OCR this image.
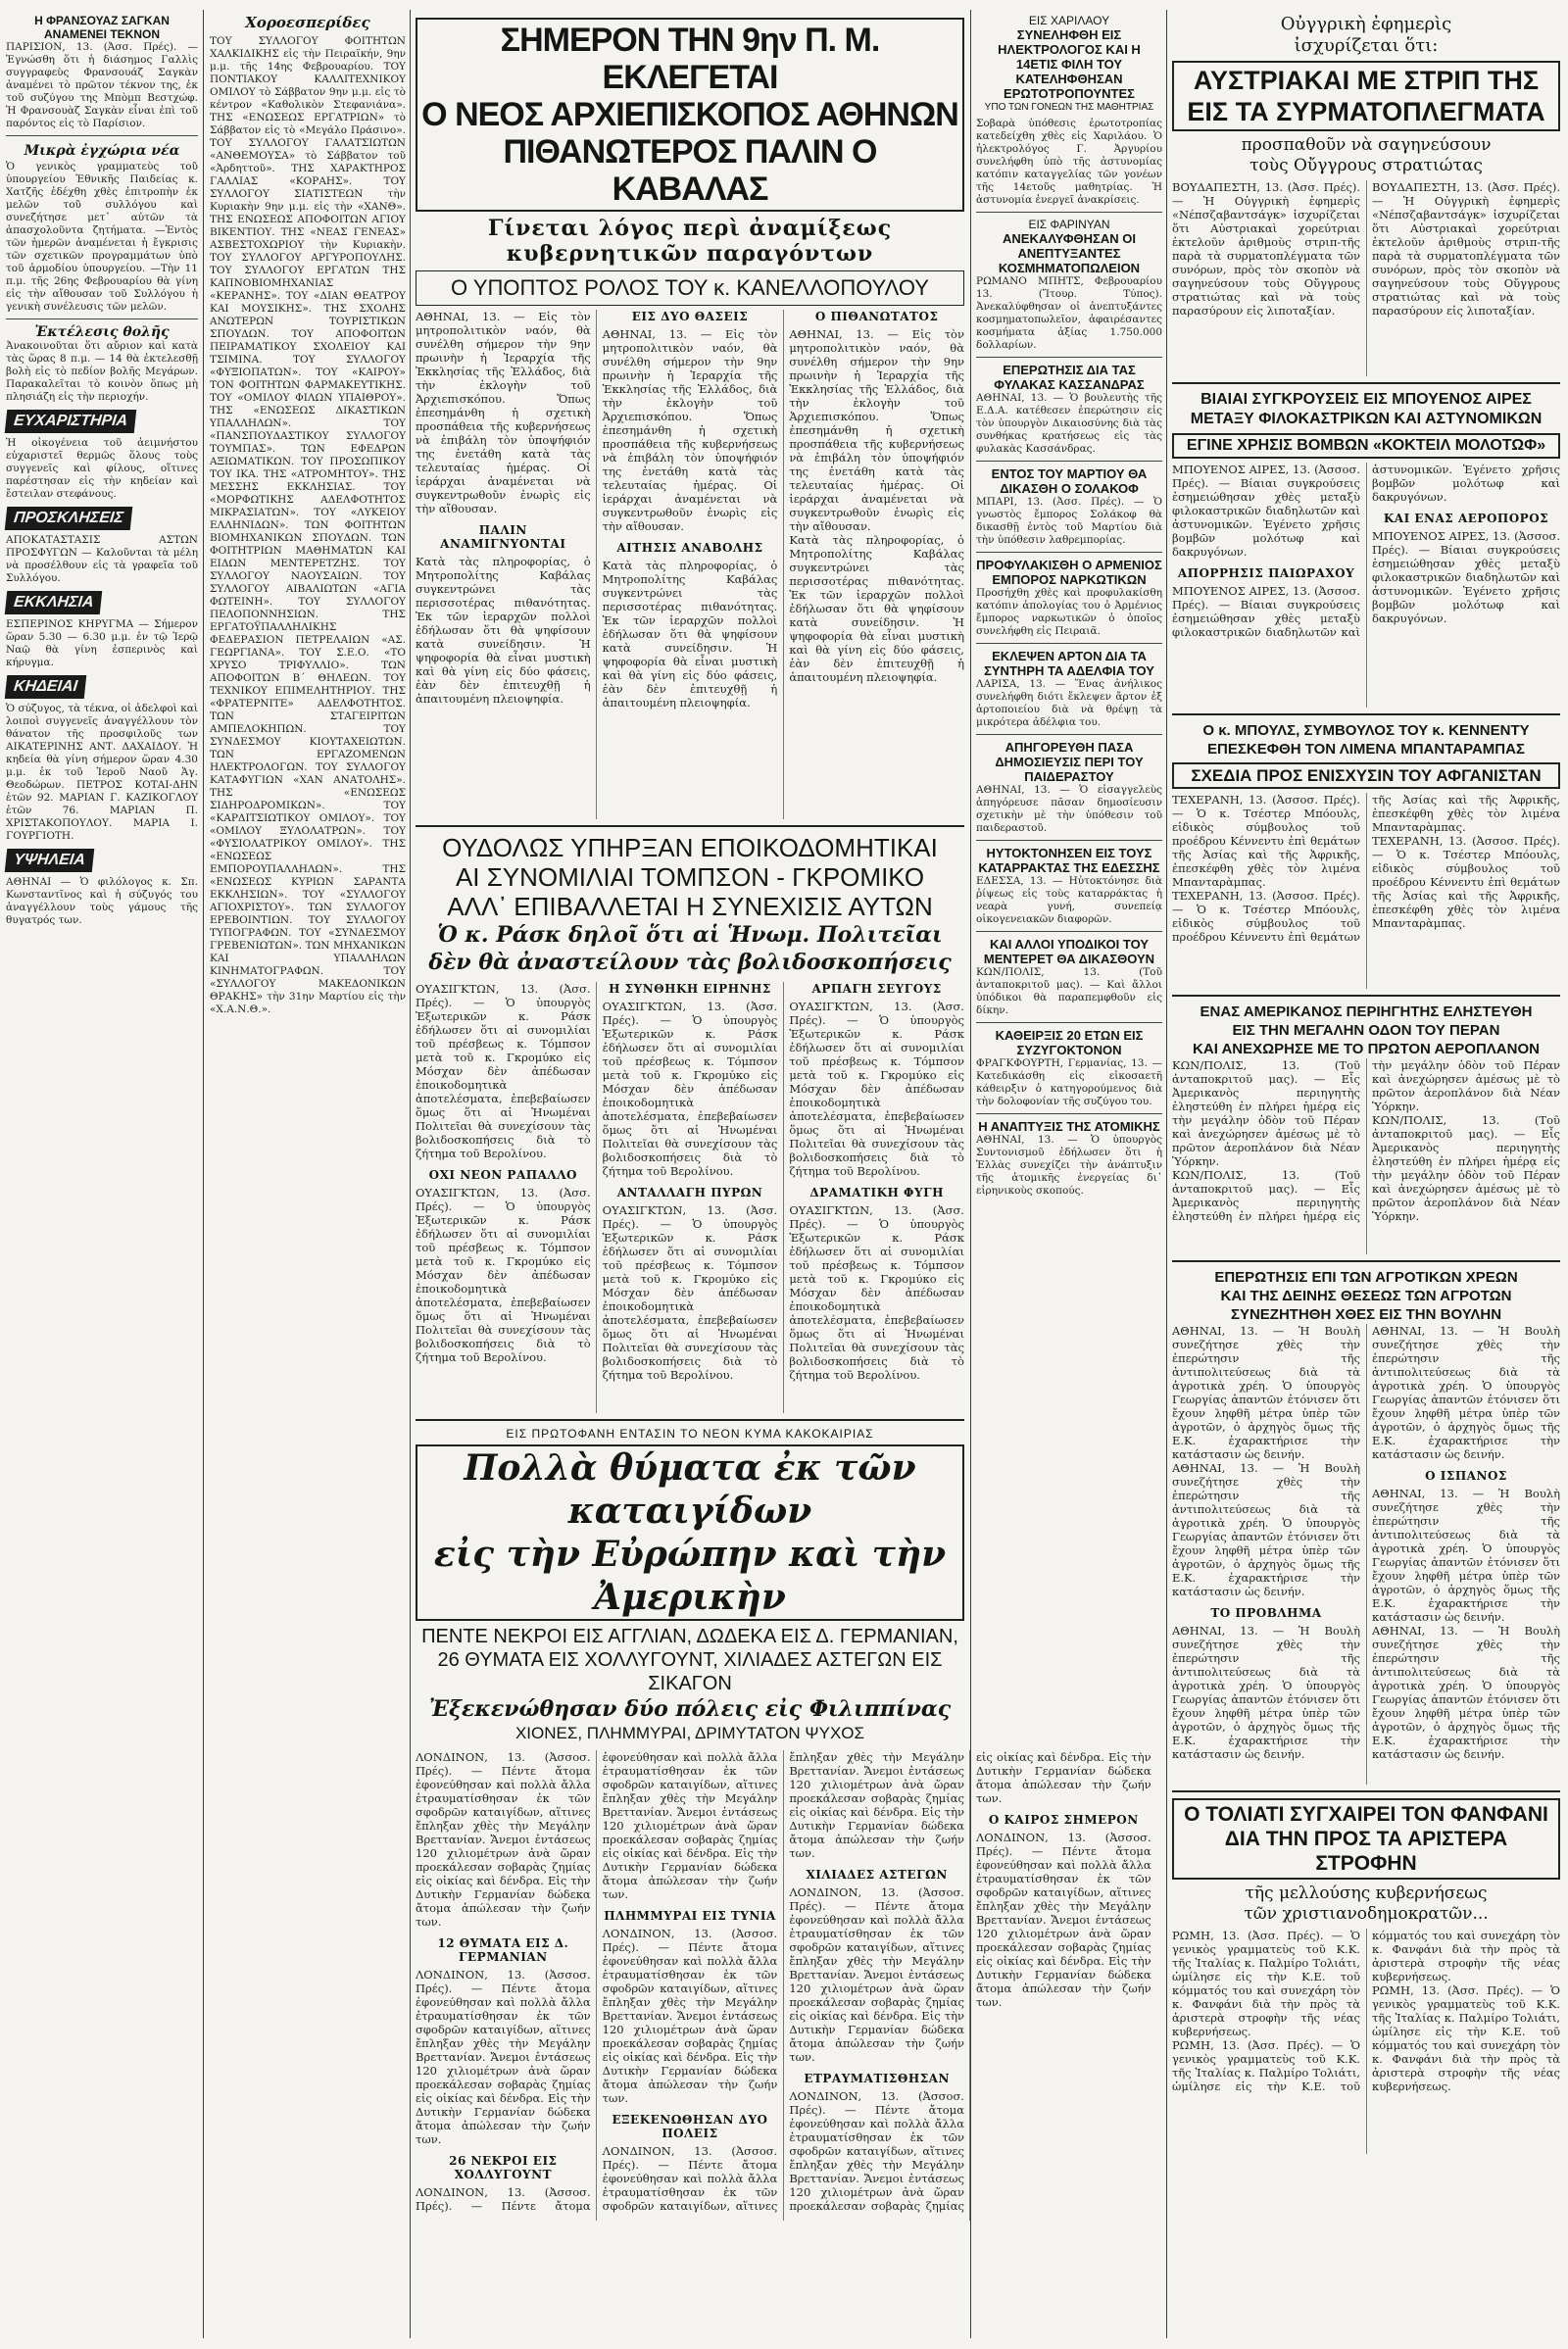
Η ΦΡΑΝΣΟΥΑΖ ΣΑΓΚΑΝ ΑΝΑΜΕΝΕΙ ΤΕΚΝΟΝ

ΠΑΡΙΣΙΟΝ, 13. (Ἀσσ. Πρές). —Ἐγνώσθη ὅτι ἡ διάσημος Γαλλὶς συγγραφεὺς Φρανσουάζ Σαγκὰν ἀναμένει τὸ πρῶτον τέκνον της, ἐκ τοῦ συζύγου της Μπὸμπ Βεστχώφ. Ἡ Φρανσουὰζ Σαγκὰν εἶναι ἐπὶ τοῦ παρόντος εἰς τὸ Παρίσιον.

Μικρὰ ἐγχώρια νέα

Ὁ γενικὸς γραμματεὺς τοῦ ὑπουργείου Ἐθνικῆς Παιδείας κ. Χατζῆς ἐδέχθη χθὲς ἐπιτροπὴν ἐκ μελῶν τοῦ συλλόγου καὶ συνεζήτησε μετ᾽ αὐτῶν τὰ ἀπασχολοῦντα ζητήματα. —Ἐντὸς τῶν ἡμερῶν ἀναμένεται ἡ ἔγκρισις τῶν σχετικῶν προγραμμάτων ὑπὸ τοῦ ἁρμοδίου ὑπουργείου. —Τὴν 11 π.μ. τῆς 26ης Φεβρουαρίου θὰ γίνη εἰς τὴν αἴθουσαν τοῦ Συλλόγου ἡ γενικὴ συνέλευσις τῶν μελῶν.

Ἐκτέλεσις θολῆς

Ἀνακοινοῦται ὅτι αὔριον καὶ κατὰ τὰς ὥρας 8 π.μ. — 14 θὰ ἐκτελεσθῇ βολὴ εἰς τὸ πεδίον βολῆς Μεγάρων. Παρακαλεῖται τὸ κοινὸν ὅπως μὴ πλησιάζη εἰς τὴν περιοχήν.

ΕΥΧΑΡΙΣΤΗΡΙΑ

Ἡ οἰκογένεια τοῦ ἀειμνήστου εὐχαριστεῖ θερμῶς ὅλους τοὺς συγγενεῖς καὶ φίλους, οἵτινες παρέστησαν εἰς τὴν κηδείαν καὶ ἔστειλαν στεφάνους.

ΠΡΟΣΚΛΗΣΕΙΣ

ΑΠΟΚΑΤΑΣΤΑΣΙΣ ΑΣΤΩΝ ΠΡΟΣΦΥΓΩΝ — Καλοῦνται τὰ μέλη νὰ προσέλθουν εἰς τὰ γραφεῖα τοῦ Συλλόγου.

ΕΚΚΛΗΣΙΑ

ΕΣΠΕΡΙΝΟΣ ΚΗΡΥΓΜΑ — Σήμερον ὥραν 5.30 — 6.30 μ.μ. ἐν τῷ Ἱερῷ Ναῷ θὰ γίνη ἐσπερινὸς καὶ κήρυγμα.

ΚΗΔΕΙΑΙ

Ὁ σύζυγος, τὰ τέκνα, οἱ ἀδελφοὶ καὶ λοιποὶ συγγενεῖς ἀναγγέλλουν τὸν θάνατον τῆς προσφιλοῦς των ΑΙΚΑΤΕΡΙΝΗΣ ΑΝΤ. ΔΑΧΑΙΔΟΥ. Ἡ κηδεία θὰ γίνη σήμερον ὥραν 4.30 μ.μ. ἐκ τοῦ Ἱεροῦ Ναοῦ Ἁγ. Θεοδώρων. ΠΕΤΡΟΣ ΚΟΤΑΙ-ΔΗΝ ἐτῶν 92. ΜΑΡΙΑΝ Γ. ΚΑΖΙΚΟΓΛΟΥ ἐτῶν 76. ΜΑΡΙΑΝ Π. ΧΡΙΣΤΑΚΟΠΟΥΛΟΥ. ΜΑΡΙΑ Ι. ΓΟΥΡΓΙΟΤΗ.

ΥΨΗΛΕΙΑ

ΑΘΗΝΑΙ — Ὁ φιλόλογος κ. Σπ. Κωνσταντῖνος καὶ ἡ σύζυγός του ἀναγγέλλουν τοὺς γάμους τῆς θυγατρός των.

Χοροεσπερίδες

ΤΟΥ ΣΥΛΛΟΓΟΥ ΦΟΙΤΗΤΩΝ ΧΑΛΚΙΔΙΚΗΣ εἰς τὴν Πειραϊκήν, 9ην μ.μ. τῆς 14ης Φεβρουαρίου. ΤΟΥ ΠΟΝΤΙΑΚΟΥ ΚΑΛΛΙΤΕΧΝΙΚΟΥ ΟΜΙΛΟΥ τὸ Σάββατον 9ην μ.μ. εἰς τὸ κέντρον «Καθολικὸν Στεφανιάνα». ΤΗΣ «ΕΝΩΣΕΩΣ ΕΡΓΑΤΡΙΩΝ» τὸ Σάββατον εἰς τὸ «Μεγάλο Πράσινο». ΤΟΥ ΣΥΛΛΟΓΟΥ ΓΑΛΑΤΣΙΩΤΩΝ «ΑΝΘΕΜΟΥΣΑ» τὸ Σάββατον τοῦ «Ἀρδηττοῦ». ΤΗΣ ΧΑΡΑΚΤΗΡΟΣ ΓΑΛΛΙΑΣ «ΚΟΡΑΗΣ». ΤΟΥ ΣΥΛΛΟΓΟΥ ΣΙΑΤΙΣΤΕΩΝ τὴν Κυριακὴν 9ην μ.μ. εἰς τὴν «ΧΑΝΘ». ΤΗΣ ΕΝΩΣΕΩΣ ΑΠΟΦΟΙΤΩΝ ΑΓΙΟΥ ΒΙΚΕΝΤΙΟΥ. ΤΗΣ «ΝΕΑΣ ΓΕΝΕΑΣ» ΑΣΒΕΣΤΟΧΩΡΙΟΥ τὴν Κυριακὴν. ΤΟΥ ΣΥΛΛΟΓΟΥ ΑΡΓΥΡΟΠΟΥΛΗΣ. ΤΟΥ ΣΥΛΛΟΓΟΥ ΕΡΓΑΤΩΝ ΤΗΣ ΚΑΠΝΟΒΙΟΜΗΧΑΝΙΑΣ «ΚΕΡΑΝΗΣ». ΤΟΥ «ΔΙΑΝ ΘΕΑΤΡΟΥ ΚΑΙ ΜΟΥΣΙΚΗΣ». ΤΗΣ ΣΧΟΛΗΣ ΑΝΩΤΕΡΩΝ ΤΟΥΡΙΣΤΙΚΩΝ ΣΠΟΥΔΩΝ. ΤΟΥ ΑΠΟΦΟΙΤΩΝ ΠΕΙΡΑΜΑΤΙΚΟΥ ΣΧΟΛΕΙΟΥ ΚΑΙ ΤΣΙΜΙΝΑ. ΤΟΥ ΣΥΛΛΟΓΟΥ «ΦΥΞΙΟΠΑΤΩΝ». ΤΟΥ «ΚΑΙΡΟΥ» ΤΟΝ ΦΟΙΤΗΤΩΝ ΦΑΡΜΑΚΕΥΤΙΚΗΣ. ΤΟΥ «ΟΜΙΛΟΥ ΦΙΛΩΝ ΥΠΑΙΘΡΟΥ». ΤΗΣ «ΕΝΩΣΕΩΣ ΔΙΚΑΣΤΙΚΩΝ ΥΠΑΛΛΗΛΩΝ». ΤΟΥ «ΠΑΝΣΠΟΥΔΑΣΤΙΚΟΥ ΣΥΛΛΟΓΟΥ ΤΟΥΜΠΑΣ». ΤΩΝ ΕΦΕΔΡΩΝ ΑΞΙΩΜΑΤΙΚΩΝ. ΤΟΥ ΠΡΟΣΩΠΙΚΟΥ ΤΟΥ ΙΚΑ. ΤΗΣ «ΑΤΡΟΜΗΤΟΥ». ΤΗΣ ΜΕΣΣΗΣ ΕΚΚΛΗΣΙΑΣ. ΤΟΥ «ΜΟΡΦΩΤΙΚΗΣ ΑΔΕΛΦΟΤΗΤΟΣ ΜΙΚΡΑΣΙΑΤΩΝ». ΤΟΥ «ΛΥΚΕΙΟΥ ΕΛΛΗΝΙΔΩΝ». ΤΩΝ ΦΟΙΤΗΤΩΝ ΒΙΟΜΗΧΑΝΙΚΩΝ ΣΠΟΥΔΩΝ. ΤΩΝ ΦΟΙΤΗΤΡΙΩΝ ΜΑΘΗΜΑΤΩΝ ΚΑΙ ΕΙΔΩΝ ΜΕΝΤΕΡΕΤΖΗΣ. ΤΟΥ ΣΥΛΛΟΓΟΥ ΝΑΟΥΣΑΙΩΝ. ΤΟΥ ΣΥΛΛΟΓΟΥ ΑΙΒΑΛΙΩΤΩΝ «ΑΓΙΑ ΦΩΤΕΙΝΗ». ΤΟΥ ΣΥΛΛΟΓΟΥ ΠΕΛΟΠΟΝΝΗΣΙΩΝ. ΤΗΣ ΕΡΓΑΤΟΫΠΑΛΛΗΛΙΚΗΣ ΦΕΔΕΡΑΣΙΟΝ ΠΕΤΡΕΛΑΙΩΝ «ΑΣ. ΓΕΩΡΓΙΑΝΑ». ΤΟΥ Σ.Ε.Ο. «ΤΟ ΧΡΥΣΟ ΤΡΙΦΥΛΛΙΟ». ΤΩΝ ΑΠΟΦΟΙΤΩΝ Β΄ ΘΗΛΕΩΝ. ΤΟΥ ΤΕΧΝΙΚΟΥ ΕΠΙΜΕΛΗΤΗΡΙΟΥ. ΤΗΣ «ΦΡΑΤΕΡΝΙΤΕ» ΑΔΕΛΦΟΤΗΤΟΣ. ΤΩΝ ΣΤΑΓΕΙΡΙΤΩΝ ΑΜΠΕΛΟΚΗΠΩΝ. ΤΟΥ ΣΥΝΔΕΣΜΟΥ ΚΙΟΥΤΑΧΕΙΩΤΩΝ. ΤΩΝ ΕΡΓΑΖΟΜΕΝΩΝ ΗΛΕΚΤΡΟΛΟΓΩΝ. ΤΟΥ ΣΥΛΛΟΓΟΥ ΚΑΤΑΦΥΓΙΩΝ «ΧΑΝ ΑΝΑΤΟΛΗΣ». ΤΗΣ «ΕΝΩΣΕΩΣ ΣΙΔΗΡΟΔΡΟΜΙΚΩΝ». ΤΟΥ «ΚΑΡΔΙΤΣΙΩΤΙΚΟΥ ΟΜΙΛΟΥ». ΤΟΥ «ΟΜΙΛΟΥ ΞΥΛΟΛΑΤΡΩΝ». ΤΟΥ «ΦΥΣΙΟΛΑΤΡΙΚΟΥ ΟΜΙΛΟΥ». ΤΗΣ «ΕΝΩΣΕΩΣ ΕΜΠΟΡΟΥΠΑΛΛΗΛΩΝ». ΤΗΣ «ΕΝΩΣΕΩΣ ΚΥΡΙΩΝ ΣΑΡΑΝΤΑ ΕΚΚΛΗΣΙΩΝ». ΤΟΥ «ΣΥΛΛΟΓΟΥ ΑΓΙΟΧΡΙΣΤΟΥ». ΤΩΝ ΣΥΛΛΟΓΟΥ ΕΡΕΒΟΙΝΤΙΩΝ. ΤΟΥ ΣΥΛΛΟΓΟΥ ΤΥΠΟΓΡΑΦΩΝ. ΤΟΥ «ΣΥΝΔΕΣΜΟΥ ΓΡΕΒΕΝΙΩΤΩΝ». ΤΩΝ ΜΗΧΑΝΙΚΩΝ ΚΑΙ ΥΠΑΛΛΗΛΩΝ ΚΙΝΗΜΑΤΟΓΡΑΦΩΝ. ΤΟΥ «ΣΥΛΛΟΓΟΥ ΜΑΚΕΔΟΝΙΚΩΝ ΘΡΑΚΗΣ» τὴν 31ην Μαρτίου εἰς τὴν «Χ.Α.Ν.Θ.».

ΣΗΜΕΡΟΝ ΤΗΝ 9ην Π. Μ. ΕΚΛΕΓΕΤΑΙ
Ο ΝΕΟΣ ΑΡΧΙΕΠΙΣΚΟΠΟΣ ΑΘΗΝΩΝ
ΠΙΘΑΝΩΤΕΡΟΣ ΠΑΛΙΝ Ο ΚΑΒΑΛΑΣ
Γίνεται λόγος περὶ ἀναμίξεως κυβερνητικῶν παραγόντων
Ο ΥΠΟΠΤΟΣ ΡΟΛΟΣ ΤΟΥ κ. ΚΑΝΕΛΛΟΠΟΥΛΟΥ

ΑΘΗΝΑΙ, 13. — Εἰς τὸν μητροπολιτικὸν ναόν, θὰ συνέλθη σήμερον τὴν 9ην πρωινὴν ἡ Ἱεραρχία τῆς Ἐκκλησίας τῆς Ἑλλάδος, διὰ τὴν ἐκλογὴν τοῦ Ἀρχιεπισκόπου. Ὅπως ἐπεσημάνθη ἡ σχετικὴ προσπάθεια τῆς κυβερνήσεως νὰ ἐπιβάλη τὸν ὑποψήφιόν της ἐνετάθη κατὰ τὰς τελευταίας ἡμέρας. Οἱ ἱεράρχαι ἀναμένεται νὰ συγκεντρωθοῦν ἐνωρὶς εἰς τὴν αἴθουσαν.

ΠΑΛΙΝ ΑΝΑΜΙΓΝΥΟΝΤΑΙ

Κατὰ τὰς πληροφορίας, ὁ Μητροπολίτης Καβάλας συγκεντρώνει τὰς περισσοτέρας πιθανότητας. Ἐκ τῶν ἱεραρχῶν πολλοὶ ἐδήλωσαν ὅτι θὰ ψηφίσουν κατὰ συνείδησιν. Ἡ ψηφοφορία θὰ εἶναι μυστικὴ καὶ θὰ γίνη εἰς δύο φάσεις, ἐὰν δὲν ἐπιτευχθῇ ἡ ἀπαιτουμένη πλειοψηφία.

ΕΙΣ ΔΥΟ ΘΑΣΕΙΣ

ΑΘΗΝΑΙ, 13. — Εἰς τὸν μητροπολιτικὸν ναόν, θὰ συνέλθη σήμερον τὴν 9ην πρωινὴν ἡ Ἱεραρχία τῆς Ἐκκλησίας τῆς Ἑλλάδος, διὰ τὴν ἐκλογὴν τοῦ Ἀρχιεπισκόπου. Ὅπως ἐπεσημάνθη ἡ σχετικὴ προσπάθεια τῆς κυβερνήσεως νὰ ἐπιβάλη τὸν ὑποψήφιόν της ἐνετάθη κατὰ τὰς τελευταίας ἡμέρας. Οἱ ἱεράρχαι ἀναμένεται νὰ συγκεντρωθοῦν ἐνωρὶς εἰς τὴν αἴθουσαν.

ΑΙΤΗΣΙΣ ΑΝΑΒΟΛΗΣ

Κατὰ τὰς πληροφορίας, ὁ Μητροπολίτης Καβάλας συγκεντρώνει τὰς περισσοτέρας πιθανότητας. Ἐκ τῶν ἱεραρχῶν πολλοὶ ἐδήλωσαν ὅτι θὰ ψηφίσουν κατὰ συνείδησιν. Ἡ ψηφοφορία θὰ εἶναι μυστικὴ καὶ θὰ γίνη εἰς δύο φάσεις, ἐὰν δὲν ἐπιτευχθῇ ἡ ἀπαιτουμένη πλειοψηφία.

Ο ΠΙΘΑΝΩΤΑΤΟΣ

ΑΘΗΝΑΙ, 13. — Εἰς τὸν μητροπολιτικὸν ναόν, θὰ συνέλθη σήμερον τὴν 9ην πρωινὴν ἡ Ἱεραρχία τῆς Ἐκκλησίας τῆς Ἑλλάδος, διὰ τὴν ἐκλογὴν τοῦ Ἀρχιεπισκόπου. Ὅπως ἐπεσημάνθη ἡ σχετικὴ προσπάθεια τῆς κυβερνήσεως νὰ ἐπιβάλη τὸν ὑποψήφιόν της ἐνετάθη κατὰ τὰς τελευταίας ἡμέρας. Οἱ ἱεράρχαι ἀναμένεται νὰ συγκεντρωθοῦν ἐνωρὶς εἰς τὴν αἴθουσαν.

Κατὰ τὰς πληροφορίας, ὁ Μητροπολίτης Καβάλας συγκεντρώνει τὰς περισσοτέρας πιθανότητας. Ἐκ τῶν ἱεραρχῶν πολλοὶ ἐδήλωσαν ὅτι θὰ ψηφίσουν κατὰ συνείδησιν. Ἡ ψηφοφορία θὰ εἶναι μυστικὴ καὶ θὰ γίνη εἰς δύο φάσεις, ἐὰν δὲν ἐπιτευχθῇ ἡ ἀπαιτουμένη πλειοψηφία.

ΟΥΔΟΛΩΣ ΥΠΗΡΞΑΝ ΕΠΟΙΚΟΔΟΜΗΤΙΚΑΙ
ΑΙ ΣΥΝΟΜΙΛΙΑΙ ΤΟΜΠΣΟΝ - ΓΚΡΟΜΙΚΟ
ΑΛΛ᾽ ΕΠΙΒΑΛΛΕΤΑΙ Η ΣΥΝΕΧΙΣΙΣ ΑΥΤΩΝ
Ὁ κ. Ράσκ δηλοῖ ὅτι αἱ Ἡνωμ. Πολιτεῖαι
δὲν θὰ ἀναστείλουν τὰς βολιδοσκοπήσεις

ΟΥΑΣΙΓΚΤΩΝ, 13. (Ἀσσ. Πρές). — Ὁ ὑπουργὸς Ἐξωτερικῶν κ. Ράσκ ἐδήλωσεν ὅτι αἱ συνομιλίαι τοῦ πρέσβεως κ. Τόμπσον μετὰ τοῦ κ. Γκρομύκο εἰς Μόσχαν δὲν ἀπέδωσαν ἐποικοδομητικὰ ἀποτελέσματα, ἐπεβεβαίωσεν ὅμως ὅτι αἱ Ἡνωμέναι Πολιτεῖαι θὰ συνεχίσουν τὰς βολιδοσκοπήσεις διὰ τὸ ζήτημα τοῦ Βερολίνου.

ΟΧΙ ΝΕΟΝ ΡΑΠΑΛΛΟ

ΟΥΑΣΙΓΚΤΩΝ, 13. (Ἀσσ. Πρές). — Ὁ ὑπουργὸς Ἐξωτερικῶν κ. Ράσκ ἐδήλωσεν ὅτι αἱ συνομιλίαι τοῦ πρέσβεως κ. Τόμπσον μετὰ τοῦ κ. Γκρομύκο εἰς Μόσχαν δὲν ἀπέδωσαν ἐποικοδομητικὰ ἀποτελέσματα, ἐπεβεβαίωσεν ὅμως ὅτι αἱ Ἡνωμέναι Πολιτεῖαι θὰ συνεχίσουν τὰς βολιδοσκοπήσεις διὰ τὸ ζήτημα τοῦ Βερολίνου.

Η ΣΥΝΘΗΚΗ ΕΙΡΗΝΗΣ

ΟΥΑΣΙΓΚΤΩΝ, 13. (Ἀσσ. Πρές). — Ὁ ὑπουργὸς Ἐξωτερικῶν κ. Ράσκ ἐδήλωσεν ὅτι αἱ συνομιλίαι τοῦ πρέσβεως κ. Τόμπσον μετὰ τοῦ κ. Γκρομύκο εἰς Μόσχαν δὲν ἀπέδωσαν ἐποικοδομητικὰ ἀποτελέσματα, ἐπεβεβαίωσεν ὅμως ὅτι αἱ Ἡνωμέναι Πολιτεῖαι θὰ συνεχίσουν τὰς βολιδοσκοπήσεις διὰ τὸ ζήτημα τοῦ Βερολίνου.

ΑΝΤΑΛΛΑΓΗ ΠΥΡΩΝ

ΟΥΑΣΙΓΚΤΩΝ, 13. (Ἀσσ. Πρές). — Ὁ ὑπουργὸς Ἐξωτερικῶν κ. Ράσκ ἐδήλωσεν ὅτι αἱ συνομιλίαι τοῦ πρέσβεως κ. Τόμπσον μετὰ τοῦ κ. Γκρομύκο εἰς Μόσχαν δὲν ἀπέδωσαν ἐποικοδομητικὰ ἀποτελέσματα, ἐπεβεβαίωσεν ὅμως ὅτι αἱ Ἡνωμέναι Πολιτεῖαι θὰ συνεχίσουν τὰς βολιδοσκοπήσεις διὰ τὸ ζήτημα τοῦ Βερολίνου.

ΑΡΠΑΓΗ ΣΕΥΓΟΥΣ

ΟΥΑΣΙΓΚΤΩΝ, 13. (Ἀσσ. Πρές). — Ὁ ὑπουργὸς Ἐξωτερικῶν κ. Ράσκ ἐδήλωσεν ὅτι αἱ συνομιλίαι τοῦ πρέσβεως κ. Τόμπσον μετὰ τοῦ κ. Γκρομύκο εἰς Μόσχαν δὲν ἀπέδωσαν ἐποικοδομητικὰ ἀποτελέσματα, ἐπεβεβαίωσεν ὅμως ὅτι αἱ Ἡνωμέναι Πολιτεῖαι θὰ συνεχίσουν τὰς βολιδοσκοπήσεις διὰ τὸ ζήτημα τοῦ Βερολίνου.

ΔΡΑΜΑΤΙΚΗ ΦΥΓΗ

ΟΥΑΣΙΓΚΤΩΝ, 13. (Ἀσσ. Πρές). — Ὁ ὑπουργὸς Ἐξωτερικῶν κ. Ράσκ ἐδήλωσεν ὅτι αἱ συνομιλίαι τοῦ πρέσβεως κ. Τόμπσον μετὰ τοῦ κ. Γκρομύκο εἰς Μόσχαν δὲν ἀπέδωσαν ἐποικοδομητικὰ ἀποτελέσματα, ἐπεβεβαίωσεν ὅμως ὅτι αἱ Ἡνωμέναι Πολιτεῖαι θὰ συνεχίσουν τὰς βολιδοσκοπήσεις διὰ τὸ ζήτημα τοῦ Βερολίνου.

ΕΙΣ ΠΡΩΤΟΦΑΝΗ ΕΝΤΑΣΙΝ ΤΟ ΝΕΟΝ ΚΥΜΑ ΚΑΚΟΚΑΙΡΙΑΣ

Πολλὰ θύματα ἐκ τῶν καταιγίδων
εἰς τὴν Εὐρώπην καὶ τὴν Ἀμερικὴν
ΠΕΝΤΕ ΝΕΚΡΟΙ ΕΙΣ ΑΓΓΛΙΑΝ, ΔΩΔΕΚΑ ΕΙΣ Δ. ΓΕΡΜΑΝΙΑΝ, 26 ΘΥΜΑΤΑ ΕΙΣ ΧΟΛΛΥΓΟΥΝΤ, ΧΙΛΙΑΔΕΣ ΑΣΤΕΓΩΝ ΕΙΣ ΣΙΚΑΓΟΝ
Ἐξεκενώθησαν δύο πόλεις εἰς Φιλιππίνας
ΧΙΟΝΕΣ, ΠΛΗΜΜΥΡΑΙ, ΔΡΙΜΥΤΑΤΟΝ ΨΥΧΟΣ

ΛΟΝΔΙΝΟΝ, 13. (Ἀσσοσ. Πρές). — Πέντε ἄτομα ἐφονεύθησαν καὶ πολλὰ ἄλλα ἐτραυματίσθησαν ἐκ τῶν σφοδρῶν καταιγίδων, αἵτινες ἔπληξαν χθὲς τὴν Μεγάλην Βρεττανίαν. Ἄνεμοι ἐντάσεως 120 χιλιομέτρων ἀνὰ ὥραν προεκάλεσαν σοβαρὰς ζημίας εἰς οἰκίας καὶ δένδρα. Εἰς τὴν Δυτικὴν Γερμανίαν δώδεκα ἄτομα ἀπώλεσαν τὴν ζωήν των.

12 ΘΥΜΑΤΑ ΕΙΣ Δ. ΓΕΡΜΑΝΙΑΝ

ΛΟΝΔΙΝΟΝ, 13. (Ἀσσοσ. Πρές). — Πέντε ἄτομα ἐφονεύθησαν καὶ πολλὰ ἄλλα ἐτραυματίσθησαν ἐκ τῶν σφοδρῶν καταιγίδων, αἵτινες ἔπληξαν χθὲς τὴν Μεγάλην Βρεττανίαν. Ἄνεμοι ἐντάσεως 120 χιλιομέτρων ἀνὰ ὥραν προεκάλεσαν σοβαρὰς ζημίας εἰς οἰκίας καὶ δένδρα. Εἰς τὴν Δυτικὴν Γερμανίαν δώδεκα ἄτομα ἀπώλεσαν τὴν ζωήν των.

26 ΝΕΚΡΟΙ ΕΙΣ ΧΟΛΛΥΓΟΥΝΤ

ΛΟΝΔΙΝΟΝ, 13. (Ἀσσοσ. Πρές). — Πέντε ἄτομα ἐφονεύθησαν καὶ πολλὰ ἄλλα ἐτραυματίσθησαν ἐκ τῶν σφοδρῶν καταιγίδων, αἵτινες ἔπληξαν χθὲς τὴν Μεγάλην Βρεττανίαν. Ἄνεμοι ἐντάσεως 120 χιλιομέτρων ἀνὰ ὥραν προεκάλεσαν σοβαρὰς ζημίας εἰς οἰκίας καὶ δένδρα. Εἰς τὴν Δυτικὴν Γερμανίαν δώδεκα ἄτομα ἀπώλεσαν τὴν ζωήν των.

ΠΛΗΜΜΥΡΑΙ ΕΙΣ ΤΥΝΙΑ

ΛΟΝΔΙΝΟΝ, 13. (Ἀσσοσ. Πρές). — Πέντε ἄτομα ἐφονεύθησαν καὶ πολλὰ ἄλλα ἐτραυματίσθησαν ἐκ τῶν σφοδρῶν καταιγίδων, αἵτινες ἔπληξαν χθὲς τὴν Μεγάλην Βρεττανίαν. Ἄνεμοι ἐντάσεως 120 χιλιομέτρων ἀνὰ ὥραν προεκάλεσαν σοβαρὰς ζημίας εἰς οἰκίας καὶ δένδρα. Εἰς τὴν Δυτικὴν Γερμανίαν δώδεκα ἄτομα ἀπώλεσαν τὴν ζωήν των.

ΕΞΕΚΕΝΩΘΗΣΑΝ ΔΥΟ ΠΟΛΕΙΣ

ΛΟΝΔΙΝΟΝ, 13. (Ἀσσοσ. Πρές). — Πέντε ἄτομα ἐφονεύθησαν καὶ πολλὰ ἄλλα ἐτραυματίσθησαν ἐκ τῶν σφοδρῶν καταιγίδων, αἵτινες ἔπληξαν χθὲς τὴν Μεγάλην Βρεττανίαν. Ἄνεμοι ἐντάσεως 120 χιλιομέτρων ἀνὰ ὥραν προεκάλεσαν σοβαρὰς ζημίας εἰς οἰκίας καὶ δένδρα. Εἰς τὴν Δυτικὴν Γερμανίαν δώδεκα ἄτομα ἀπώλεσαν τὴν ζωήν των.

ΧΙΛΙΑΔΕΣ ΑΣΤΕΓΩΝ

ΛΟΝΔΙΝΟΝ, 13. (Ἀσσοσ. Πρές). — Πέντε ἄτομα ἐφονεύθησαν καὶ πολλὰ ἄλλα ἐτραυματίσθησαν ἐκ τῶν σφοδρῶν καταιγίδων, αἵτινες ἔπληξαν χθὲς τὴν Μεγάλην Βρεττανίαν. Ἄνεμοι ἐντάσεως 120 χιλιομέτρων ἀνὰ ὥραν προεκάλεσαν σοβαρὰς ζημίας εἰς οἰκίας καὶ δένδρα. Εἰς τὴν Δυτικὴν Γερμανίαν δώδεκα ἄτομα ἀπώλεσαν τὴν ζωήν των.

ΕΤΡΑΥΜΑΤΙΣΘΗΣΑΝ

ΛΟΝΔΙΝΟΝ, 13. (Ἀσσοσ. Πρές). — Πέντε ἄτομα ἐφονεύθησαν καὶ πολλὰ ἄλλα ἐτραυματίσθησαν ἐκ τῶν σφοδρῶν καταιγίδων, αἵτινες ἔπληξαν χθὲς τὴν Μεγάλην Βρεττανίαν. Ἄνεμοι ἐντάσεως 120 χιλιομέτρων ἀνὰ ὥραν προεκάλεσαν σοβαρὰς ζημίας εἰς οἰκίας καὶ δένδρα. Εἰς τὴν Δυτικὴν Γερμανίαν δώδεκα ἄτομα ἀπώλεσαν τὴν ζωήν των.

Ο ΚΑΙΡΟΣ ΣΗΜΕΡΟΝ

ΛΟΝΔΙΝΟΝ, 13. (Ἀσσοσ. Πρές). — Πέντε ἄτομα ἐφονεύθησαν καὶ πολλὰ ἄλλα ἐτραυματίσθησαν ἐκ τῶν σφοδρῶν καταιγίδων, αἵτινες ἔπληξαν χθὲς τὴν Μεγάλην Βρεττανίαν. Ἄνεμοι ἐντάσεως 120 χιλιομέτρων ἀνὰ ὥραν προεκάλεσαν σοβαρὰς ζημίας εἰς οἰκίας καὶ δένδρα. Εἰς τὴν Δυτικὴν Γερμανίαν δώδεκα ἄτομα ἀπώλεσαν τὴν ζωήν των.

ΕΙΣ ΧΑΡΙΛΑΟΥ

ΣΥΝΕΛΗΦΘΗ ΕΙΣ ΗΛΕΚΤΡΟΛΟΓΟΣ ΚΑΙ Η 14ΕΤΙΣ ΦΙΛΗ ΤΟΥ ΚΑΤΕΛΗΦΘΗΣΑΝ ΕΡΩΤΟΤΡΟΠΟΥΝΤΕΣ

ΥΠΟ ΤΩΝ ΓΟΝΕΩΝ ΤΗΣ ΜΑΘΗΤΡΙΑΣ

Σοβαρὰ ὑπόθεσις ἐρωτοτροπίας κατεδείχθη χθὲς εἰς Χαριλάου. Ὁ ἠλεκτρολόγος Γ. Ἀργυρίου συνελήφθη ὑπὸ τῆς ἀστυνομίας κατόπιν καταγγελίας τῶν γονέων τῆς 14ετοῦς μαθητρίας. Ἡ ἀστυνομία ἐνεργεῖ ἀνακρίσεις.

ΕΙΣ ΦΑΡΙΝΥΑΝ

ΑΝΕΚΑΛΥΦΘΗΣΑΝ ΟΙ ΑΝΕΠΤΥΞΑΝΤΕΣ ΚΟΣΜΗΜΑΤΟΠΩΛΕΙΟΝ

ΡΩΜΑΝΟ ΜΠΗΤΣ, Φεβρουαρίου 13. (Ἴτουρ. Τύπος). Ἀνεκαλύφθησαν οἱ ἀνεπτυξάντες κοσμηματοπωλεῖον, ἀφαιρέσαντες κοσμήματα ἀξίας 1.750.000 δολλαρίων.

ΕΠΕΡΩΤΗΣΙΣ ΔΙΑ ΤΑΣ ΦΥΛΑΚΑΣ ΚΑΣΣΑΝΔΡΑΣ

ΑΘΗΝΑΙ, 13. — Ὁ βουλευτὴς τῆς Ε.Δ.Α. κατέθεσεν ἐπερώτησιν εἰς τὸν ὑπουργὸν Δικαιοσύνης διὰ τὰς συνθήκας κρατήσεως εἰς τὰς φυλακὰς Κασσάνδρας.

ΕΝΤΟΣ ΤΟΥ ΜΑΡΤΙΟΥ ΘΑ ΔΙΚΑΣΘΗ Ο ΣΟΛΑΚΟΦ

ΜΠΑΡΙ, 13. (Ἀσσ. Πρές). — Ὁ γνωστὸς ἔμπορος Σολάκοφ θὰ δικασθῇ ἐντὸς τοῦ Μαρτίου διὰ τὴν ὑπόθεσιν λαθρεμπορίας.

ΠΡΟΦΥΛΑΚΙΣΘΗ Ο ΑΡΜΕΝΙΟΣ ΕΜΠΟΡΟΣ ΝΑΡΚΩΤΙΚΩΝ

Προσήχθη χθὲς καὶ προφυλακίσθη κατόπιν ἀπολογίας του ὁ Ἀρμένιος ἔμπορος ναρκωτικῶν ὁ ὁποῖος συνελήφθη εἰς Πειραιᾶ.

ΕΚΛΕΨΕΝ ΑΡΤΟΝ ΔΙΑ ΤΑ ΣΥΝΤΗΡΗ ΤΑ ΑΔΕΛΦΙΑ ΤΟΥ

ΛΑΡΙΣΑ, 13. — Ἕνας ἀνήλικος συνελήφθη διότι ἔκλεψεν ἄρτον ἐξ ἀρτοποιείου διὰ νὰ θρέψῃ τὰ μικρότερα ἀδέλφια του.

ΑΠΗΓΟΡΕΥΘΗ ΠΑΣΑ ΔΗΜΟΣΙΕΥΣΙΣ ΠΕΡΙ ΤΟΥ ΠΑΙΔΕΡΑΣΤΟΥ

ΑΘΗΝΑΙ, 13. — Ὁ εἰσαγγελεὺς ἀπηγόρευσε πᾶσαν δημοσίευσιν σχετικὴν μὲ τὴν ὑπόθεσιν τοῦ παιδεραστοῦ.

ΗΥΤΟΚΤΟΝΗΣΕΝ ΕΙΣ ΤΟΥΣ ΚΑΤΑΡΡΑΚΤΑΣ ΤΗΣ ΕΔΕΣΣΗΣ

ΕΔΕΣΣΑ, 13. — Ηὐτοκτόνησε διὰ ῥίψεως εἰς τοὺς καταρράκτας ἡ νεαρὰ γυνή, συνεπείᾳ οἰκογενειακῶν διαφορῶν.

ΚΑΙ ΑΛΛΟΙ ΥΠΟΔΙΚΟΙ ΤΟΥ ΜΕΝΤΕΡΕΤ ΘΑ ΔΙΚΑΣΘΟΥΝ

ΚΩΝ/ΠΟΛΙΣ, 13. (Τοῦ ἀνταποκριτοῦ μας). — Καὶ ἄλλοι ὑπόδικοι θὰ παραπεμφθοῦν εἰς δίκην.

ΚΑΘΕΙΡΞΙΣ 20 ΕΤΩΝ ΕΙΣ ΣΥΖΥΓΟΚΤΟΝΟΝ

ΦΡΑΓΚΦΟΥΡΤΗ, Γερμανίας, 13. — Κατεδικάσθη εἰς εἰκοσαετῆ κάθειρξιν ὁ κατηγορούμενος διὰ τὴν δολοφονίαν τῆς συζύγου του.

Η ΑΝΑΠΤΥΞΙΣ ΤΗΣ ΑΤΟΜΙΚΗΣ

ΑΘΗΝΑΙ, 13. — Ὁ ὑπουργὸς Συντονισμοῦ ἐδήλωσεν ὅτι ἡ Ἑλλὰς συνεχίζει τὴν ἀνάπτυξιν τῆς ἀτομικῆς ἐνεργείας δι᾽ εἰρηνικοὺς σκοπούς.

Οὐγγρικὴ ἐφημερὶς

ἰσχυρίζεται ὅτι:

ΑΥΣΤΡΙΑΚΑΙ ΜΕ ΣΤΡΙΠ ΤΗΣ
ΕΙΣ ΤΑ ΣΥΡΜΑΤΟΠΛΕΓΜΑΤΑ

προσπαθοῦν νὰ σαγηνεύσουν

τοὺς Οὔγγρους στρατιώτας

ΒΟΥΔΑΠΕΣΤΗ, 13. (Ἀσσ. Πρές). — Ἡ Οὐγγρικὴ ἐφημερὶς «Νέπσζαβαντσάγκ» ἰσχυρίζεται ὅτι Αὐστριακαὶ χορεύτριαι ἐκτελοῦν ἀριθμοὺς στριπ-τῆς παρὰ τὰ συρματοπλέγματα τῶν συνόρων, πρὸς τὸν σκοπὸν νὰ σαγηνεύσουν τοὺς Οὔγγρους στρατιώτας καὶ νὰ τοὺς παρασύρουν εἰς λιποταξίαν.

ΒΟΥΔΑΠΕΣΤΗ, 13. (Ἀσσ. Πρές). — Ἡ Οὐγγρικὴ ἐφημερὶς «Νέπσζαβαντσάγκ» ἰσχυρίζεται ὅτι Αὐστριακαὶ χορεύτριαι ἐκτελοῦν ἀριθμοὺς στριπ-τῆς παρὰ τὰ συρματοπλέγματα τῶν συνόρων, πρὸς τὸν σκοπὸν νὰ σαγηνεύσουν τοὺς Οὔγγρους στρατιώτας καὶ νὰ τοὺς παρασύρουν εἰς λιποταξίαν.

ΒΙΑΙΑΙ ΣΥΓΚΡΟΥΣΕΙΣ ΕΙΣ ΜΠΟΥΕΝΟΣ ΑΙΡΕΣ
ΜΕΤΑΞΥ ΦΙΛΟΚΑΣΤΡΙΚΩΝ ΚΑΙ ΑΣΤΥΝΟΜΙΚΩΝ
ΕΓΙΝΕ ΧΡΗΣΙΣ ΒΟΜΒΩΝ «ΚΟΚΤΕΙΛ ΜΟΛΟΤΩΦ»

ΜΠΟΥΕΝΟΣ ΑΙΡΕΣ, 13. (Ἀσσοσ. Πρές). — Βίαιαι συγκρούσεις ἐσημειώθησαν χθὲς μεταξὺ φιλοκαστρικῶν διαδηλωτῶν καὶ ἀστυνομικῶν. Ἐγένετο χρῆσις βομβῶν μολότωφ καὶ δακρυγόνων.

ΑΠΟΡΡΗΣΙΣ ΠΑΙΩΡΑΧΟΥ

ΜΠΟΥΕΝΟΣ ΑΙΡΕΣ, 13. (Ἀσσοσ. Πρές). — Βίαιαι συγκρούσεις ἐσημειώθησαν χθὲς μεταξὺ φιλοκαστρικῶν διαδηλωτῶν καὶ ἀστυνομικῶν. Ἐγένετο χρῆσις βομβῶν μολότωφ καὶ δακρυγόνων.

ΚΑΙ ΕΝΑΣ ΑΕΡΟΠΟΡΟΣ

ΜΠΟΥΕΝΟΣ ΑΙΡΕΣ, 13. (Ἀσσοσ. Πρές). — Βίαιαι συγκρούσεις ἐσημειώθησαν χθὲς μεταξὺ φιλοκαστρικῶν διαδηλωτῶν καὶ ἀστυνομικῶν. Ἐγένετο χρῆσις βομβῶν μολότωφ καὶ δακρυγόνων.

Ο κ. ΜΠΟΥΛΣ, ΣΥΜΒΟΥΛΟΣ ΤΟΥ κ. ΚΕΝΝΕΝΤΥ
ΕΠΕΣΚΕΦΘΗ ΤΟΝ ΛΙΜΕΝΑ ΜΠΑΝΤΑΡΑΜΠΑΣ
ΣΧΕΔΙΑ ΠΡΟΣ ΕΝΙΣΧΥΣΙΝ ΤΟΥ ΑΦΓΑΝΙΣΤΑΝ

ΤΕΧΕΡΑΝΗ, 13. (Ἀσσοσ. Πρές). — Ὁ κ. Τσέστερ Μπόουλς, εἰδικὸς σύμβουλος τοῦ προέδρου Κέννεντυ ἐπὶ θεμάτων τῆς Ἀσίας καὶ τῆς Ἀφρικῆς, ἐπεσκέφθη χθὲς τὸν λιμένα Μπανταρὰμπας.

ΤΕΧΕΡΑΝΗ, 13. (Ἀσσοσ. Πρές). — Ὁ κ. Τσέστερ Μπόουλς, εἰδικὸς σύμβουλος τοῦ προέδρου Κέννεντυ ἐπὶ θεμάτων τῆς Ἀσίας καὶ τῆς Ἀφρικῆς, ἐπεσκέφθη χθὲς τὸν λιμένα Μπανταρὰμπας.

ΤΕΧΕΡΑΝΗ, 13. (Ἀσσοσ. Πρές). — Ὁ κ. Τσέστερ Μπόουλς, εἰδικὸς σύμβουλος τοῦ προέδρου Κέννεντυ ἐπὶ θεμάτων τῆς Ἀσίας καὶ τῆς Ἀφρικῆς, ἐπεσκέφθη χθὲς τὸν λιμένα Μπανταρὰμπας.

ΕΝΑΣ ΑΜΕΡΙΚΑΝΟΣ ΠΕΡΙΗΓΗΤΗΣ ΕΛΗΣΤΕΥΘΗ
ΕΙΣ ΤΗΝ ΜΕΓΑΛΗΝ ΟΔΟΝ ΤΟΥ ΠΕΡΑΝ
ΚΑΙ ΑΝΕΧΩΡΗΣΕ ΜΕ ΤΟ ΠΡΩΤΟΝ ΑΕΡΟΠΛΑΝΟΝ

ΚΩΝ/ΠΟΛΙΣ, 13. (Τοῦ ἀνταποκριτοῦ μας). — Εἷς Ἀμερικανὸς περιηγητὴς ἐληστεύθη ἐν πλήρει ἡμέρᾳ εἰς τὴν μεγάλην ὁδὸν τοῦ Πέραν καὶ ἀνεχώρησεν ἀμέσως μὲ τὸ πρῶτον ἀεροπλάνον διὰ Νέαν Ὑόρκην.

ΚΩΝ/ΠΟΛΙΣ, 13. (Τοῦ ἀνταποκριτοῦ μας). — Εἷς Ἀμερικανὸς περιηγητὴς ἐληστεύθη ἐν πλήρει ἡμέρᾳ εἰς τὴν μεγάλην ὁδὸν τοῦ Πέραν καὶ ἀνεχώρησεν ἀμέσως μὲ τὸ πρῶτον ἀεροπλάνον διὰ Νέαν Ὑόρκην.

ΚΩΝ/ΠΟΛΙΣ, 13. (Τοῦ ἀνταποκριτοῦ μας). — Εἷς Ἀμερικανὸς περιηγητὴς ἐληστεύθη ἐν πλήρει ἡμέρᾳ εἰς τὴν μεγάλην ὁδὸν τοῦ Πέραν καὶ ἀνεχώρησεν ἀμέσως μὲ τὸ πρῶτον ἀεροπλάνον διὰ Νέαν Ὑόρκην.

ΕΠΕΡΩΤΗΣΙΣ ΕΠΙ ΤΩΝ ΑΓΡΟΤΙΚΩΝ ΧΡΕΩΝ
ΚΑΙ ΤΗΣ ΔΕΙΝΗΣ ΘΕΣΕΩΣ ΤΩΝ ΑΓΡΟΤΩΝ
ΣΥΝΕΖΗΤΗΘΗ ΧΘΕΣ ΕΙΣ ΤΗΝ ΒΟΥΛΗΝ

ΑΘΗΝΑΙ, 13. — Ἡ Βουλὴ συνεζήτησε χθὲς τὴν ἐπερώτησιν τῆς ἀντιπολιτεύσεως διὰ τὰ ἀγροτικὰ χρέη. Ὁ ὑπουργὸς Γεωργίας ἀπαντῶν ἐτόνισεν ὅτι ἔχουν ληφθῆ μέτρα ὑπὲρ τῶν ἀγροτῶν, ὁ ἀρχηγὸς ὅμως τῆς Ε.Κ. ἐχαρακτήρισε τὴν κατάστασιν ὡς δεινήν.

ΑΘΗΝΑΙ, 13. — Ἡ Βουλὴ συνεζήτησε χθὲς τὴν ἐπερώτησιν τῆς ἀντιπολιτεύσεως διὰ τὰ ἀγροτικὰ χρέη. Ὁ ὑπουργὸς Γεωργίας ἀπαντῶν ἐτόνισεν ὅτι ἔχουν ληφθῆ μέτρα ὑπὲρ τῶν ἀγροτῶν, ὁ ἀρχηγὸς ὅμως τῆς Ε.Κ. ἐχαρακτήρισε τὴν κατάστασιν ὡς δεινήν.

ΤΟ ΠΡΟΒΛΗΜΑ

ΑΘΗΝΑΙ, 13. — Ἡ Βουλὴ συνεζήτησε χθὲς τὴν ἐπερώτησιν τῆς ἀντιπολιτεύσεως διὰ τὰ ἀγροτικὰ χρέη. Ὁ ὑπουργὸς Γεωργίας ἀπαντῶν ἐτόνισεν ὅτι ἔχουν ληφθῆ μέτρα ὑπὲρ τῶν ἀγροτῶν, ὁ ἀρχηγὸς ὅμως τῆς Ε.Κ. ἐχαρακτήρισε τὴν κατάστασιν ὡς δεινήν.

ΑΘΗΝΑΙ, 13. — Ἡ Βουλὴ συνεζήτησε χθὲς τὴν ἐπερώτησιν τῆς ἀντιπολιτεύσεως διὰ τὰ ἀγροτικὰ χρέη. Ὁ ὑπουργὸς Γεωργίας ἀπαντῶν ἐτόνισεν ὅτι ἔχουν ληφθῆ μέτρα ὑπὲρ τῶν ἀγροτῶν, ὁ ἀρχηγὸς ὅμως τῆς Ε.Κ. ἐχαρακτήρισε τὴν κατάστασιν ὡς δεινήν.

Ο ΙΣΠΑΝΟΣ

ΑΘΗΝΑΙ, 13. — Ἡ Βουλὴ συνεζήτησε χθὲς τὴν ἐπερώτησιν τῆς ἀντιπολιτεύσεως διὰ τὰ ἀγροτικὰ χρέη. Ὁ ὑπουργὸς Γεωργίας ἀπαντῶν ἐτόνισεν ὅτι ἔχουν ληφθῆ μέτρα ὑπὲρ τῶν ἀγροτῶν, ὁ ἀρχηγὸς ὅμως τῆς Ε.Κ. ἐχαρακτήρισε τὴν κατάστασιν ὡς δεινήν.

ΑΘΗΝΑΙ, 13. — Ἡ Βουλὴ συνεζήτησε χθὲς τὴν ἐπερώτησιν τῆς ἀντιπολιτεύσεως διὰ τὰ ἀγροτικὰ χρέη. Ὁ ὑπουργὸς Γεωργίας ἀπαντῶν ἐτόνισεν ὅτι ἔχουν ληφθῆ μέτρα ὑπὲρ τῶν ἀγροτῶν, ὁ ἀρχηγὸς ὅμως τῆς Ε.Κ. ἐχαρακτήρισε τὴν κατάστασιν ὡς δεινήν.

Ο ΤΟΛΙΑΤΙ ΣΥΓΧΑΙΡΕΙ ΤΟΝ ΦΑΝΦΑΝΙ
ΔΙΑ ΤΗΝ ΠΡΟΣ ΤΑ ΑΡΙΣΤΕΡΑ ΣΤΡΟΦΗΝ

τῆς μελλούσης κυβερνήσεως

τῶν χριστιανοδημοκρατῶν...

ΡΩΜΗ, 13. (Ἀσσ. Πρές). — Ὁ γενικὸς γραμματεὺς τοῦ Κ.Κ. τῆς Ἰταλίας κ. Παλμίρο Τολιάτι, ὡμίλησε εἰς τὴν Κ.Ε. τοῦ κόμματός του καὶ συνεχάρη τὸν κ. Φανφάνι διὰ τὴν πρὸς τὰ ἀριστερὰ στροφὴν τῆς νέας κυβερνήσεως.

ΡΩΜΗ, 13. (Ἀσσ. Πρές). — Ὁ γενικὸς γραμματεὺς τοῦ Κ.Κ. τῆς Ἰταλίας κ. Παλμίρο Τολιάτι, ὡμίλησε εἰς τὴν Κ.Ε. τοῦ κόμματός του καὶ συνεχάρη τὸν κ. Φανφάνι διὰ τὴν πρὸς τὰ ἀριστερὰ στροφὴν τῆς νέας κυβερνήσεως.

ΡΩΜΗ, 13. (Ἀσσ. Πρές). — Ὁ γενικὸς γραμματεὺς τοῦ Κ.Κ. τῆς Ἰταλίας κ. Παλμίρο Τολιάτι, ὡμίλησε εἰς τὴν Κ.Ε. τοῦ κόμματός του καὶ συνεχάρη τὸν κ. Φανφάνι διὰ τὴν πρὸς τὰ ἀριστερὰ στροφὴν τῆς νέας κυβερνήσεως.
